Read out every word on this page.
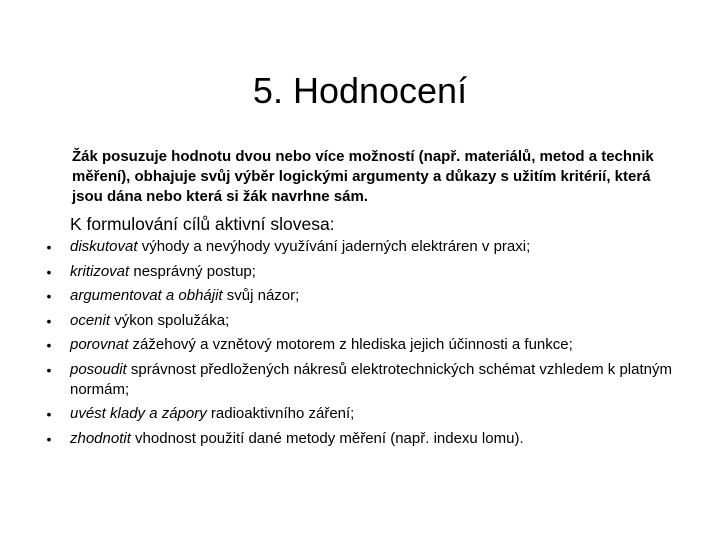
5. Hodnocení

Žák posuzuje hodnotu dvou nebo více možností (např. materiálů, metod a technik měření), obhajuje svůj výběr logickými argumenty a důkazy s užitím kritérií, která jsou dána nebo která si žák navrhne sám.

K formulování cílů aktivní slovesa:

• diskutovat výhody a nevýhody využívání jaderných elektráren v praxi;
• kritizovat nesprávný postup;
• argumentovat a obhájit svůj názor;
• ocenit výkon spolužáka;
• porovnat zážehový a vznětový motorem z hlediska jejich účinnosti a funkce;
• posoudit správnost předložených nákresů elektrotechnických schémat vzhledem k platným normám;
• uvést klady a zápory radioaktivního záření;
• zhodnotit vhodnost použití dané metody měření (např. indexu lomu).
